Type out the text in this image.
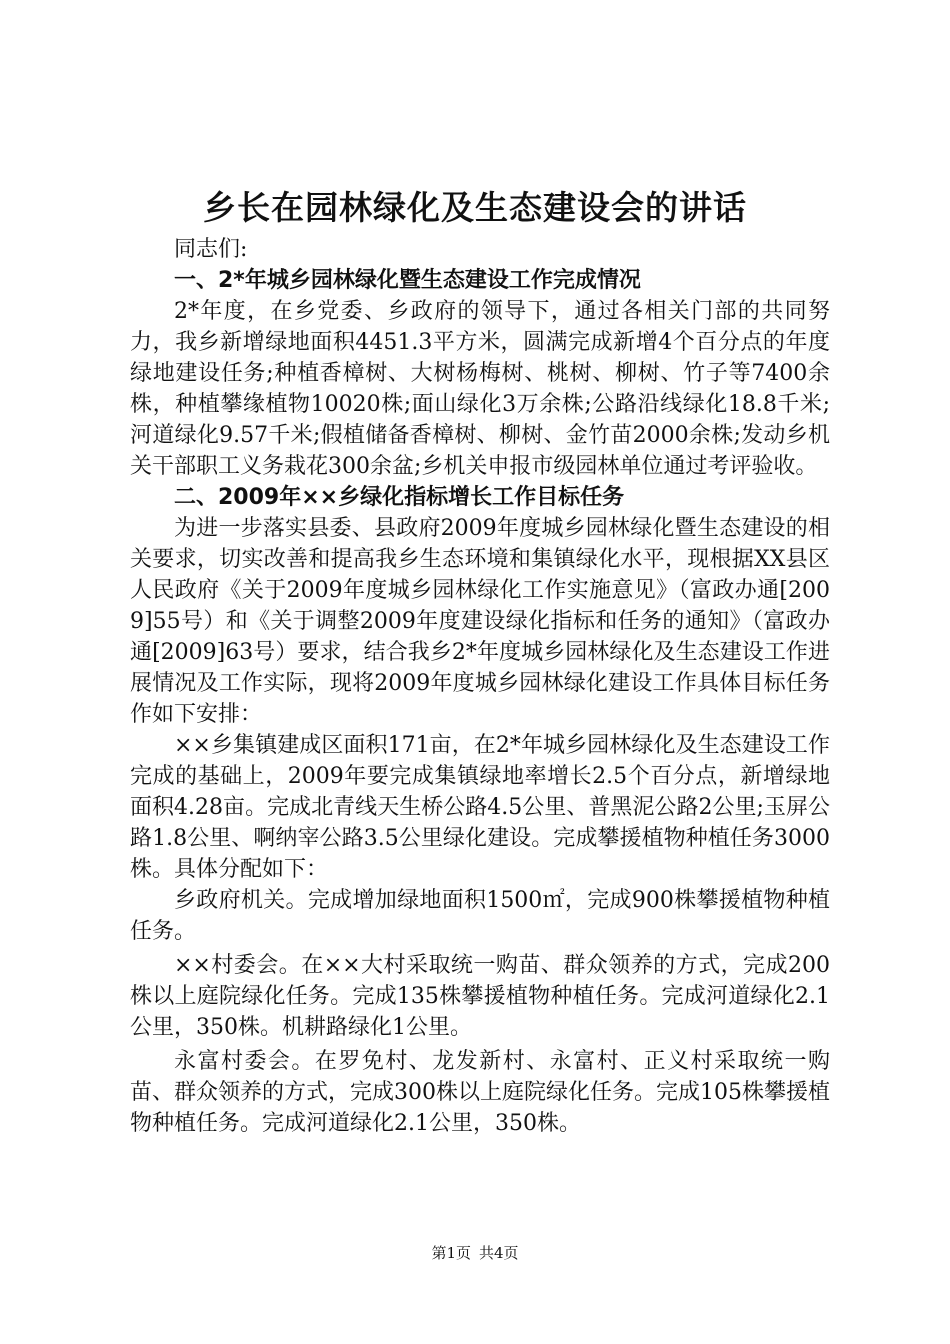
乡长在园林绿化及生态建设会的讲话

同志们:

一、2*年城乡园林绿化暨生态建设工作完成情况

2*年度，在乡党委、乡政府的领导下，通过各相关门部的共同努力，我乡新增绿地面积4451.3平方米，圆满完成新增4个百分点的年度绿地建设任务;种植香樟树、大树杨梅树、桃树、柳树、竹子等7400余株，种植攀缘植物10020株;面山绿化3万余株;公路沿线绿化18.8千米;河道绿化9.57千米;假植储备香樟树、柳树、金竹苗2000余株;发动乡机关干部职工义务栽花300余盆;乡机关申报市级园林单位通过考评验收。

二、2009年××乡绿化指标增长工作目标任务

为进一步落实县委、县政府2009年度城乡园林绿化暨生态建设的相关要求，切实改善和提高我乡生态环境和集镇绿化水平，现根据XX县区人民政府《关于2009年度城乡园林绿化工作实施意见》（富政办通[2009]55号）和《关于调整2009年度建设绿化指标和任务的通知》（富政办通[2009]63号）要求，结合我乡2*年度城乡园林绿化及生态建设工作进展情况及工作实际，现将2009年度城乡园林绿化建设工作具体目标任务作如下安排：

××乡集镇建成区面积171亩，在2*年城乡园林绿化及生态建设工作完成的基础上，2009年要完成集镇绿地率增长2.5个百分点，新增绿地面积4.28亩。完成北青线天生桥公路4.5公里、普黑泥公路2公里;玉屏公路1.8公里、啊纳宰公路3.5公里绿化建设。完成攀援植物种植任务3000株。具体分配如下：

乡政府机关。完成增加绿地面积1500㎡，完成900株攀援植物种植任务。

××村委会。在××大村采取统一购苗、群众领养的方式，完成200株以上庭院绿化任务。完成135株攀援植物种植任务。完成河道绿化2.1公里，350株。机耕路绿化1公里。

永富村委会。在罗免村、龙发新村、永富村、正义村采取统一购苗、群众领养的方式，完成300株以上庭院绿化任务。完成105株攀援植物种植任务。完成河道绿化2.1公里，350株。

第1页 共4页
